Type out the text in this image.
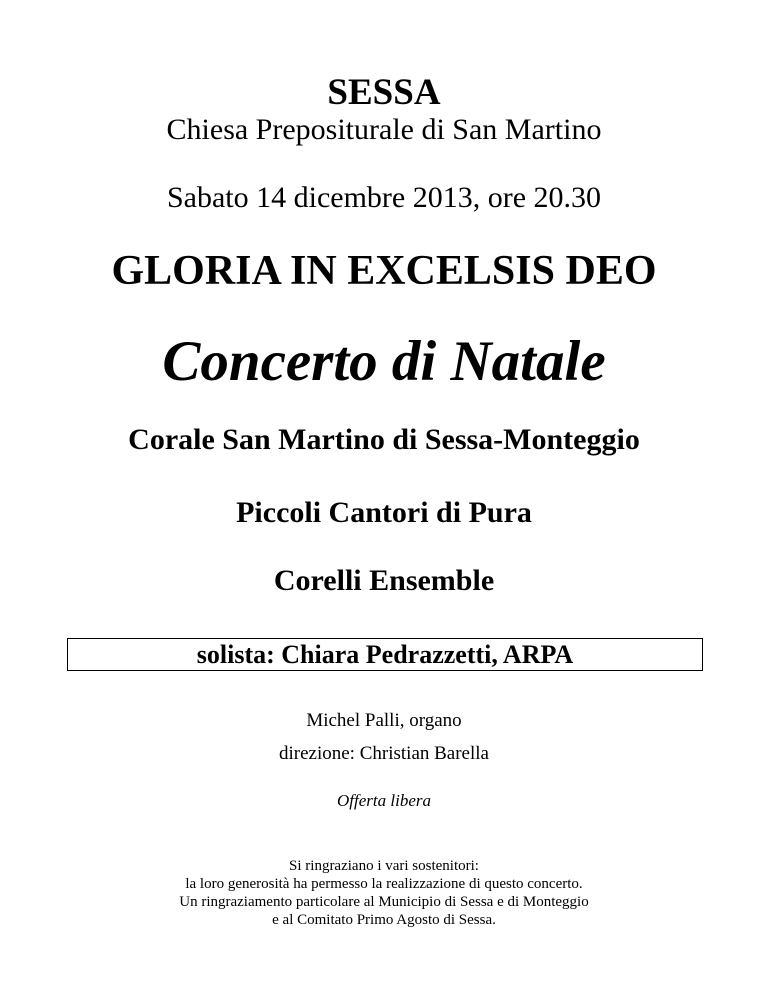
SESSA
Chiesa Prepositurale di San Martino
Sabato 14 dicembre 2013, ore 20.30
GLORIA IN EXCELSIS DEO
Concerto di Natale
Corale San Martino di Sessa-Monteggio
Piccoli Cantori di Pura
Corelli Ensemble
solista: Chiara Pedrazzetti, ARPA
Michel Palli, organo
direzione: Christian Barella
Offerta libera
Si ringraziano i vari sostenitori:
la loro generosità ha permesso la realizzazione di questo concerto.
Un ringraziamento particolare al Municipio di Sessa e di Monteggio
e al Comitato Primo Agosto di Sessa.
